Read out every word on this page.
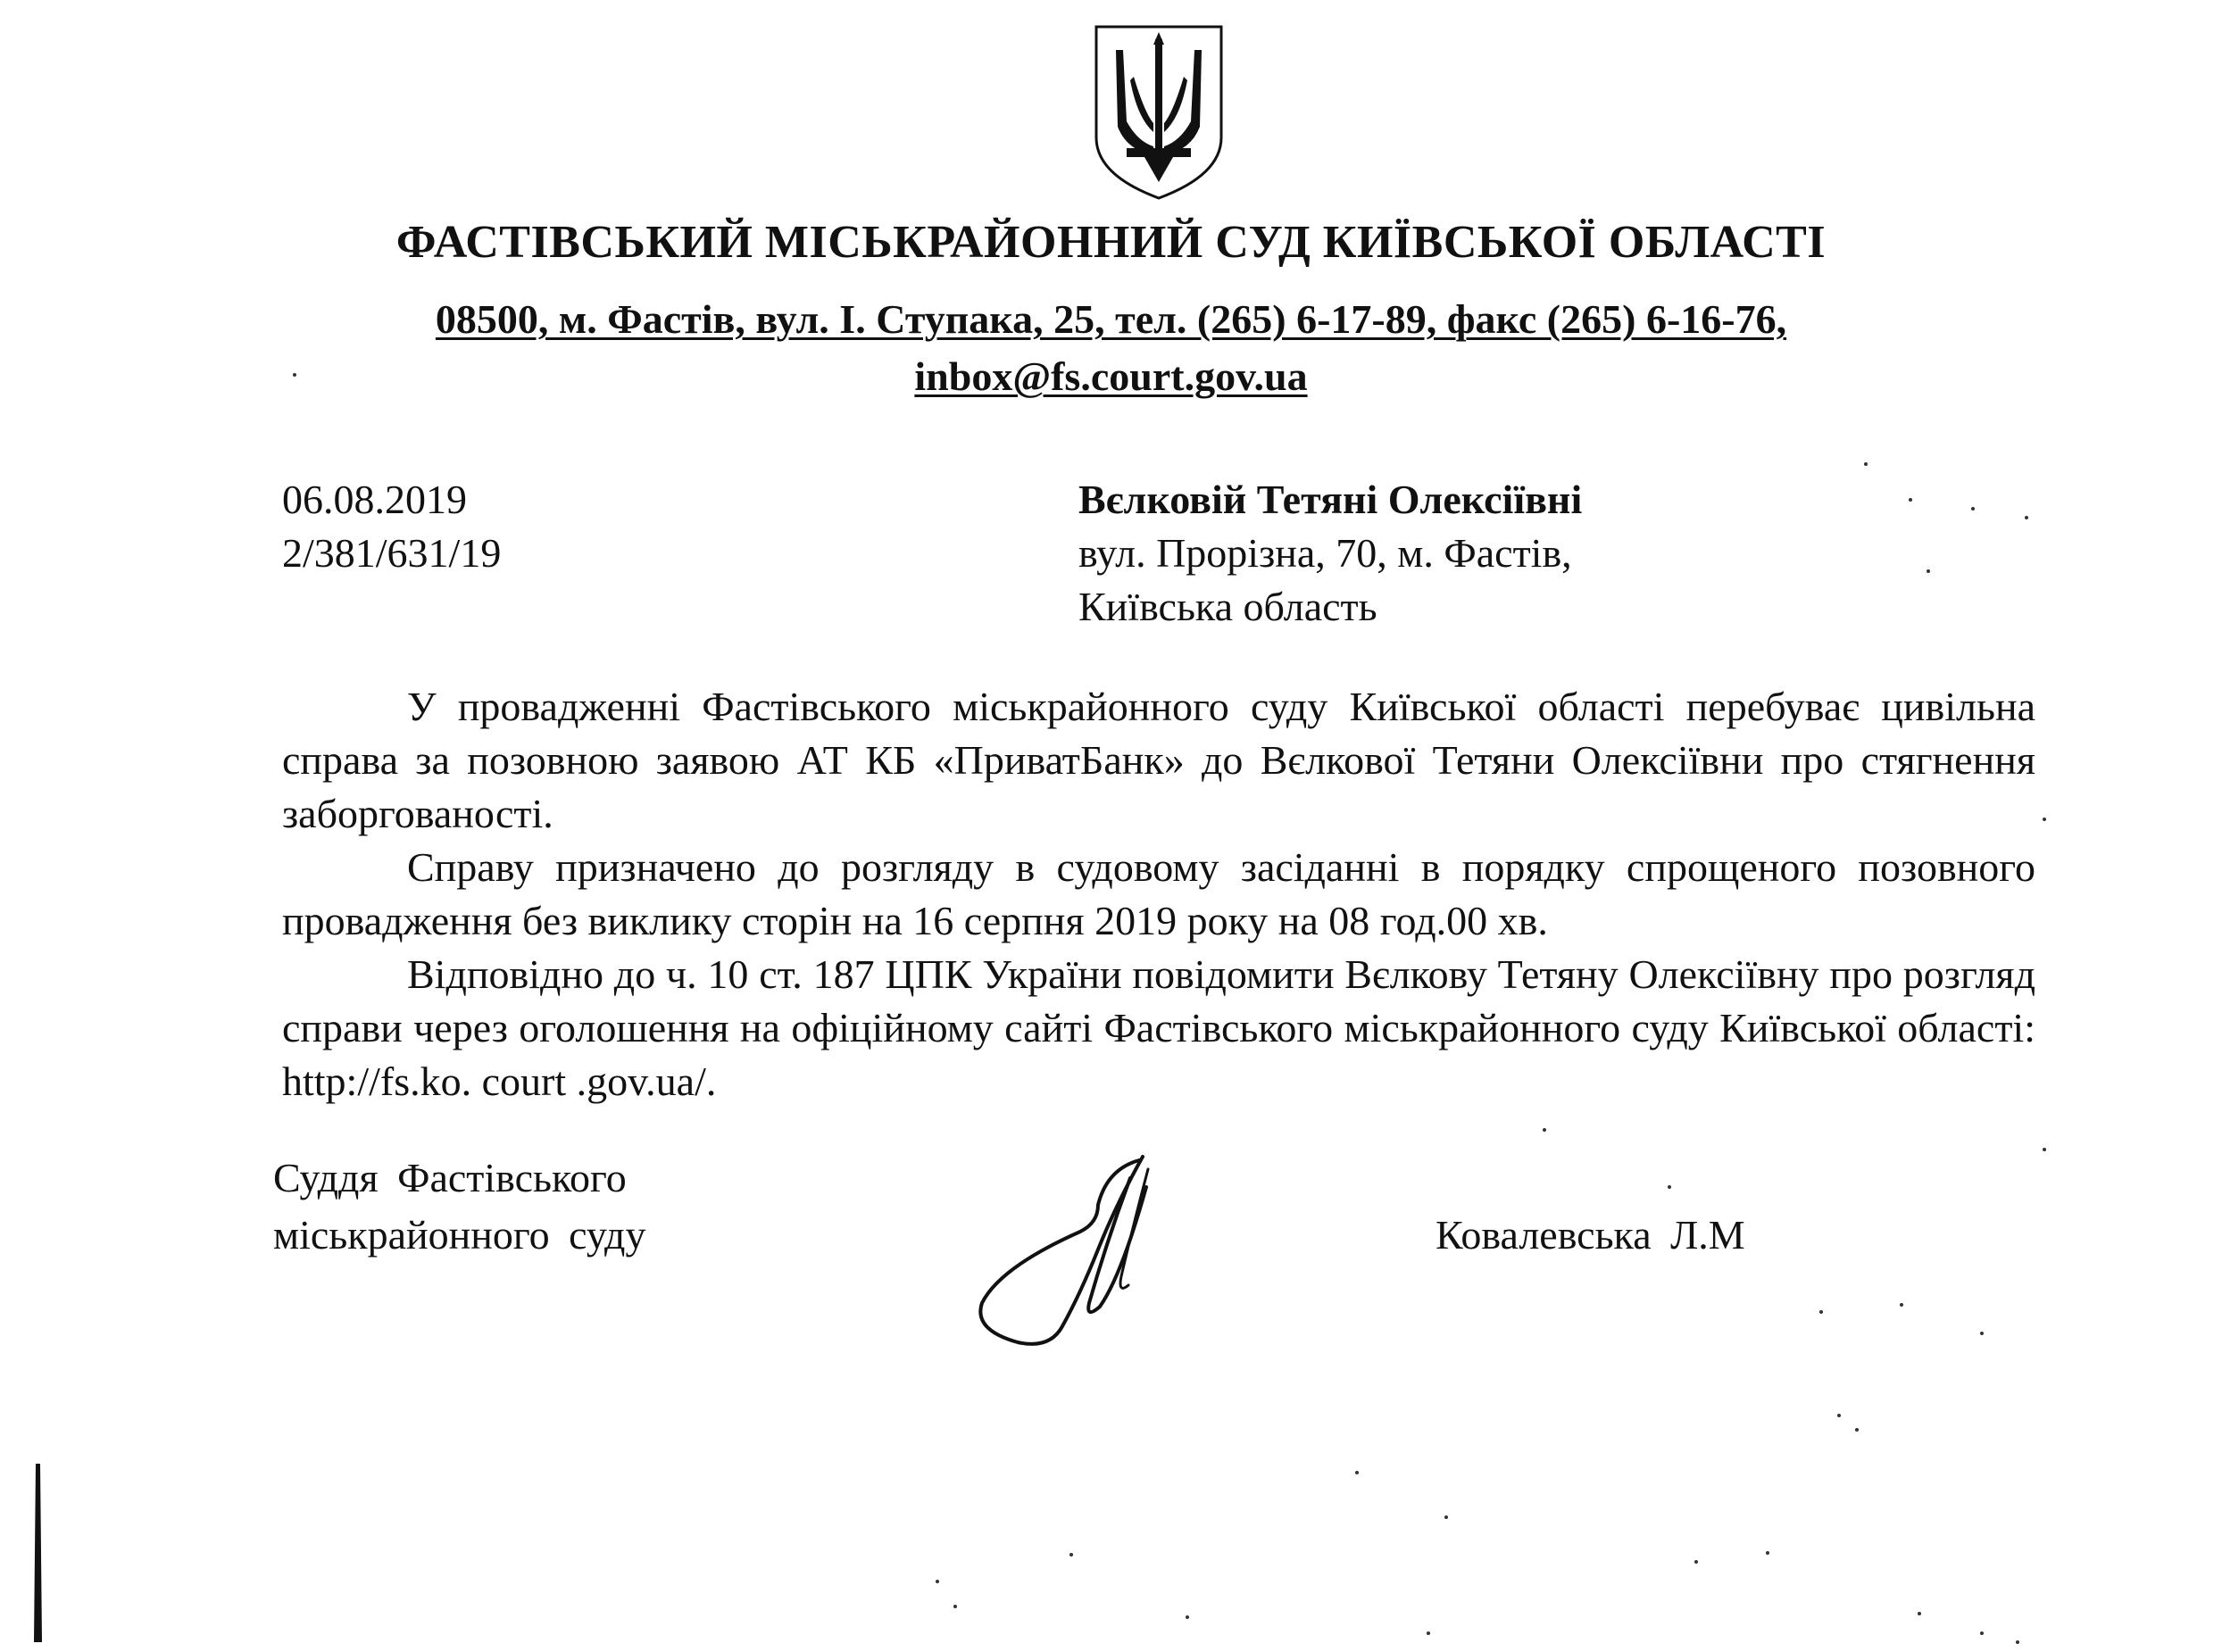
ФАСТІВСЬКИЙ МІСЬКРАЙОННИЙ СУД КИЇВСЬКОЇ ОБЛАСТІ
08500, м. Фастів, вул. І. Ступака, 25, тел. (265) 6-17-89, факс (265) 6-16-76,
inbox@fs.court.gov.ua
06.08.2019
2/381/631/19
Вєлковій Тетяні Олексіївні
вул. Прорізна, 70, м. Фастів,
Київська область

У провадженні Фастівського міськрайонного суду Київської області перебуває цивільна справа за позовною заявою АТ КБ «ПриватБанк» до Вєлкової Тетяни Олексіївни про стягнення заборгованості.

Справу призначено до розгляду в судовому засіданні в порядку спрощеного позовного провадження без виклику сторін на 16 серпня 2019 року на 08 год.00 хв.

Відповідно до ч. 10 ст. 187 ЦПК України повідомити Вєлкову Тетяну Олексіївну про розгляд справи через оголошення на офіційному сайті Фастівського міськрайонного суду Київської області: http://fs.ko. court .gov.ua/.

Суддя Фастівського
міськрайонного суду	Ковалевська Л.М
